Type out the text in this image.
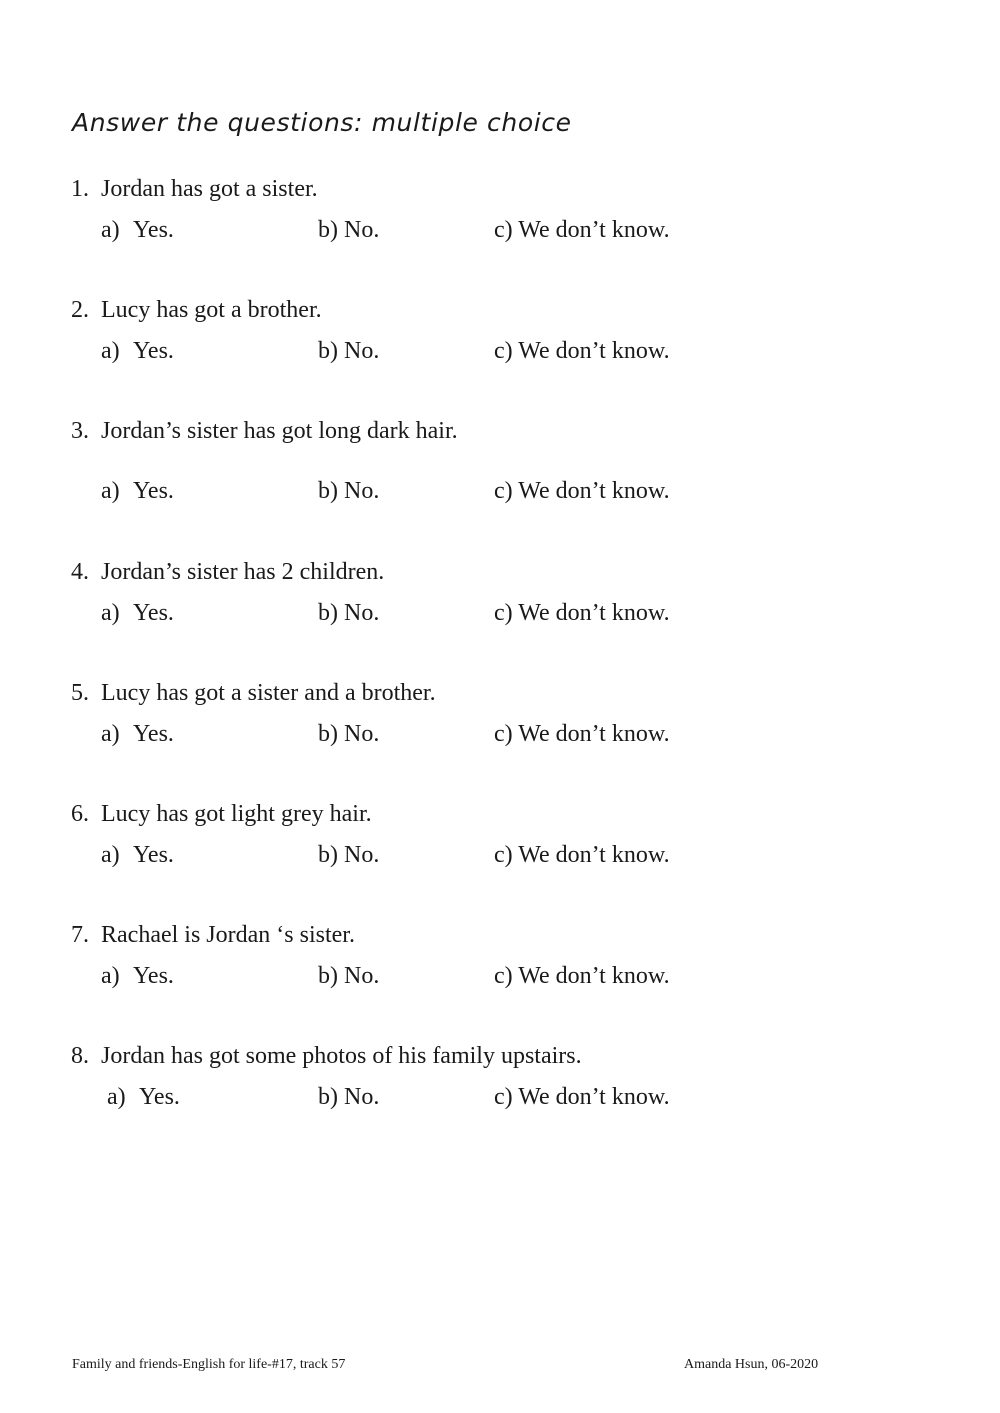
Answer the questions: multiple choice
1. Jordan has got a sister.
a) Yes.	b) No.	c) We don’t know.
2. Lucy has got a brother.
a) Yes.	b) No.	c) We don’t know.
3. Jordan’s sister has got long dark hair.
a) Yes.	b) No.	c) We don’t know.
4. Jordan’s sister has 2 children.
a) Yes.	b) No.	c) We don’t know.
5. Lucy has got a sister and a brother.
a) Yes.	b) No.	c) We don’t know.
6. Lucy has got light grey hair.
a) Yes.	b) No.	c) We don’t know.
7. Rachael is Jordan ‘s sister.
a) Yes.	b) No.	c) We don’t know.
8. Jordan has got some photos of his family upstairs.
a) Yes.	b) No.	c) We don’t know.
Family and friends-English for life-#17, track 57	Amanda Hsun, 06-2020
